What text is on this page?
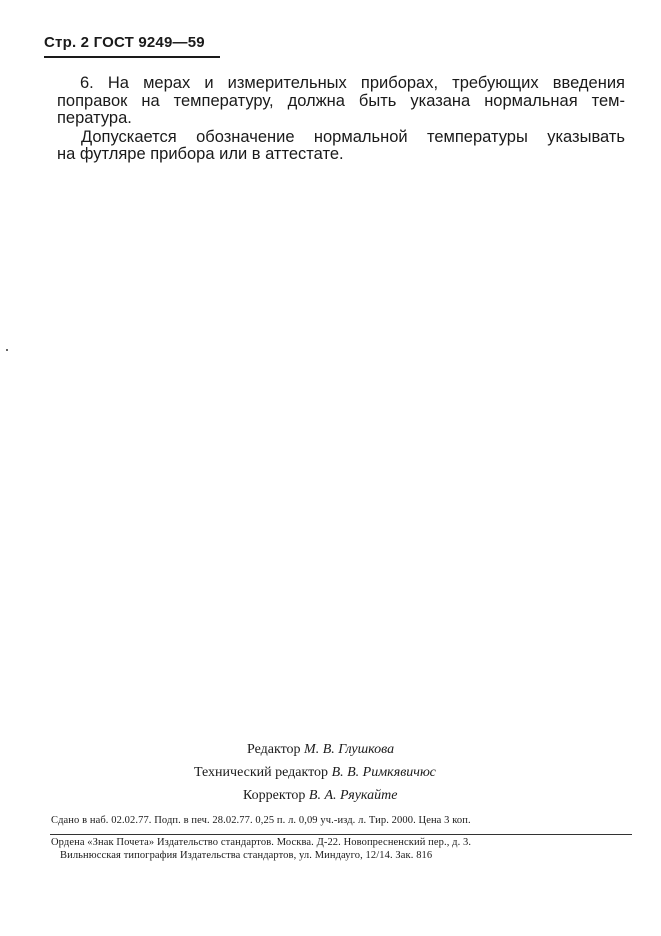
Стр. 2 ГОСТ 9249—59

6. На мерах и измерительных приборах, требующих введения поправок на температуру, должна быть указана нормальная тем- пература.

Допускается обозначение нормальной температуры указывать на футляре прибора или в аттестате.

Редактор М. В. Глушкова
Технический редактор В. В. Римкявичюс
Корректор В. А. Ряукайте
Сдано в наб. 02.02.77. Подп. в печ. 28.02.77. 0,25 п. л. 0,09 уч.-изд. л. Тир. 2000. Цена 3 коп.
Ордена «Знак Почета» Издательство стандартов. Москва. Д-22. Новопресненский пер., д. 3.
Вильнюсская типография Издательства стандартов, ул. Миндауго, 12/14. Зак. 816
